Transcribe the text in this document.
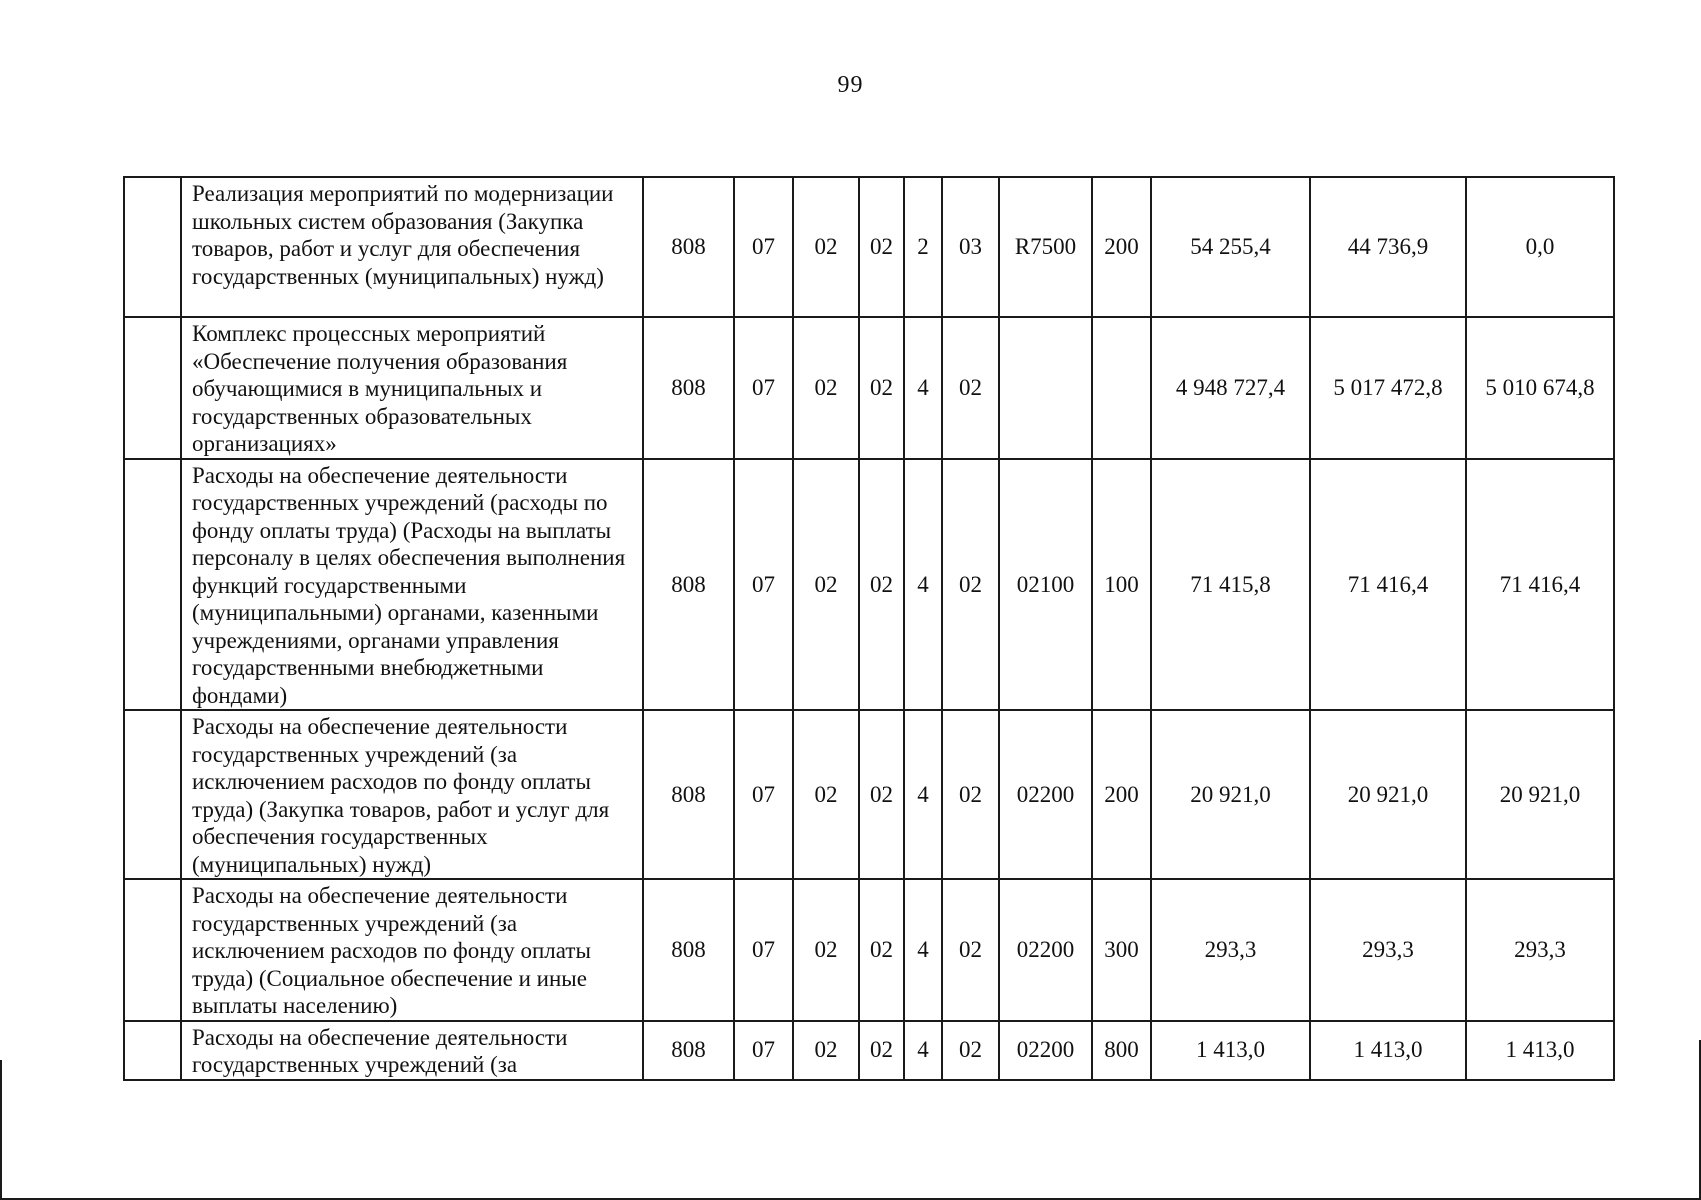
99
	Реализация мероприятий по модернизации школьных систем образования (Закупка товаров, работ и услуг для обеспечения государственных (муниципальных) нужд)	808	07	02	02	2	03	R7500	200	54 255,4	44 736,9	0,0
	Комплекс процессных мероприятий «Обеспечение получения образования обучающимися в муниципальных и государственных образовательных организациях»	808	07	02	02	4	02			4 948 727,4	5 017 472,8	5 010 674,8
	Расходы на обеспечение деятельности государственных учреждений (расходы по фонду оплаты труда) (Расходы на выплаты персоналу в целях обеспечения выполнения функций государственными (муниципальными) органами, казенными учреждениями, органами управления государственными внебюджетными фондами)	808	07	02	02	4	02	02100	100	71 415,8	71 416,4	71 416,4
	Расходы на обеспечение деятельности государственных учреждений (за исключением расходов по фонду оплаты труда) (Закупка товаров, работ и услуг для обеспечения государственных (муниципальных) нужд)	808	07	02	02	4	02	02200	200	20 921,0	20 921,0	20 921,0
	Расходы на обеспечение деятельности государственных учреждений (за исключением расходов по фонду оплаты труда) (Социальное обеспечение и иные выплаты населению)	808	07	02	02	4	02	02200	300	293,3	293,3	293,3
	Расходы на обеспечение деятельности государственных учреждений (за	808	07	02	02	4	02	02200	800	1 413,0	1 413,0	1 413,0
